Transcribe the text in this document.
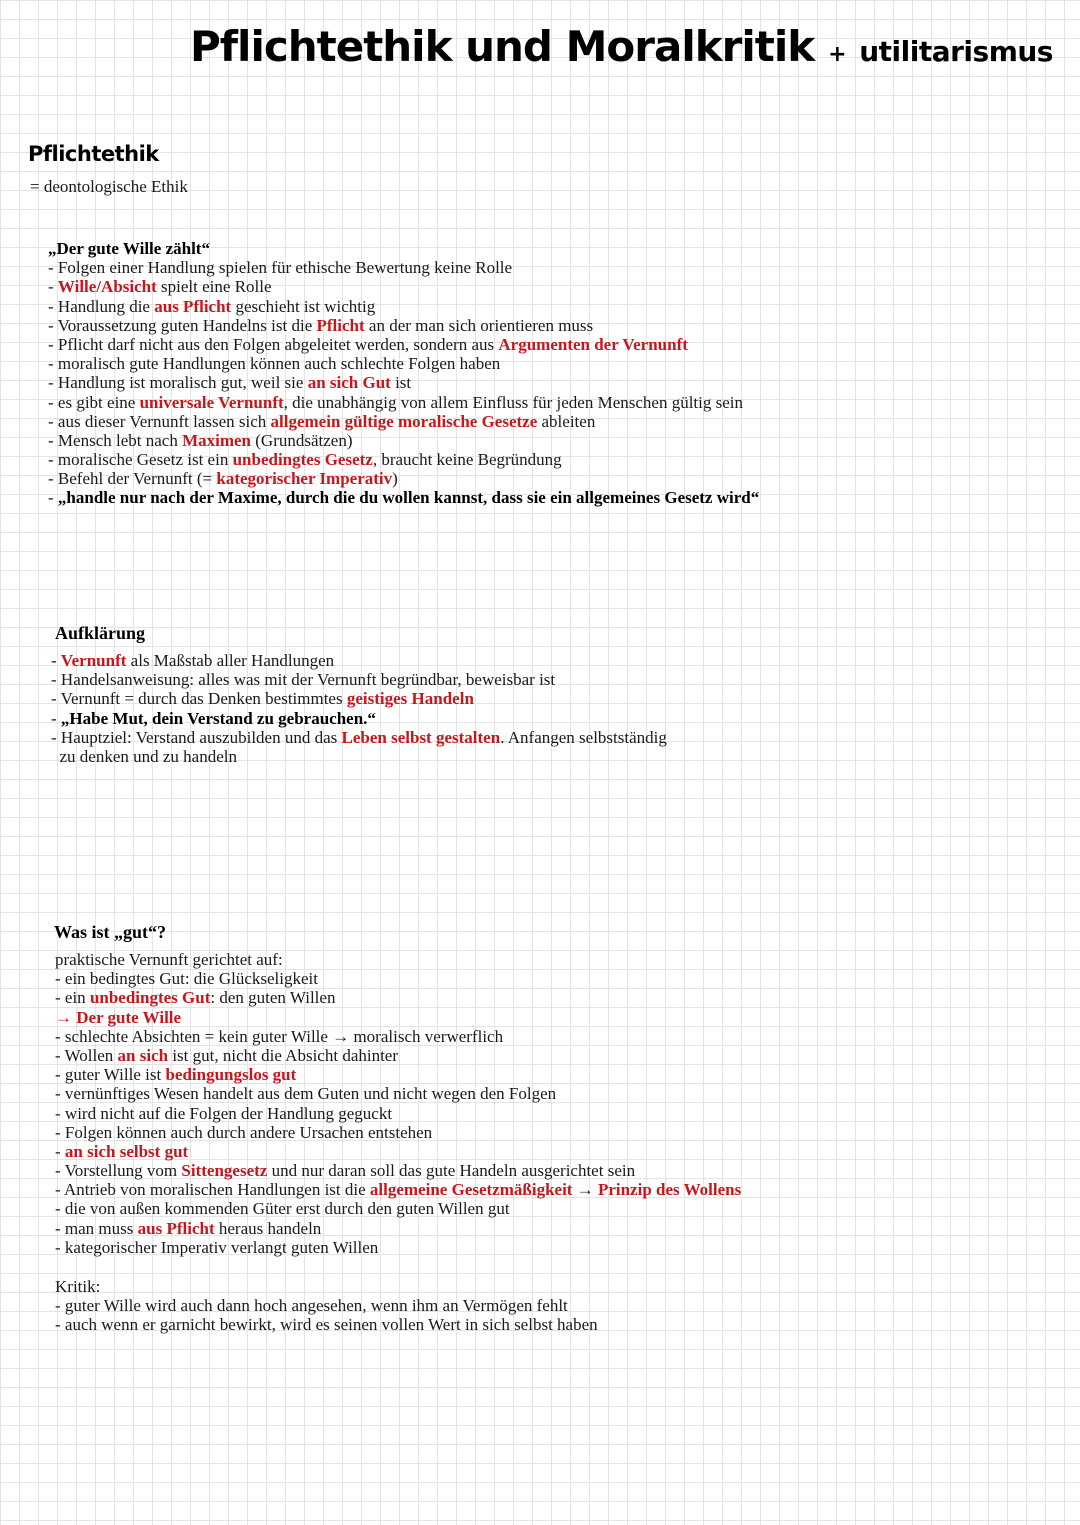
Pflichtethik und Moralkritik + utilitarismus
Pflichtethik
= deontologische Ethik
„Der gute Wille zählt“
- Folgen einer Handlung spielen für ethische Bewertung keine Rolle
- Wille/Absicht spielt eine Rolle
- Handlung die aus Pflicht geschieht ist wichtig
- Voraussetzung guten Handelns ist die Pflicht an der man sich orientieren muss
- Pflicht darf nicht aus den Folgen abgeleitet werden, sondern aus Argumenten der Vernunft
- moralisch gute Handlungen können auch schlechte Folgen haben
- Handlung ist moralisch gut, weil sie an sich Gut ist
- es gibt eine universale Vernunft, die unabhängig von allem Einfluss für jeden Menschen gültig sein
- aus dieser Vernunft lassen sich allgemein gültige moralische Gesetze ableiten
- Mensch lebt nach Maximen (Grundsätzen)
- moralische Gesetz ist ein unbedingtes Gesetz, braucht keine Begründung
- Befehl der Vernunft (= kategorischer Imperativ)
- „handle nur nach der Maxime, durch die du wollen kannst, dass sie ein allgemeines Gesetz wird“
Aufklärung
- Vernunft als Maßstab aller Handlungen
- Handelsanweisung: alles was mit der Vernunft begründbar, beweisbar ist
- Vernunft = durch das Denken bestimmtes geistiges Handeln
- „Habe Mut, dein Verstand zu gebrauchen.“
- Hauptziel: Verstand auszubilden und das Leben selbst gestalten. Anfangen selbstständig
zu denken und zu handeln
Was ist „gut“?
praktische Vernunft gerichtet auf:
- ein bedingtes Gut: die Glückseligkeit
- ein unbedingtes Gut: den guten Willen
→ Der gute Wille
- schlechte Absichten = kein guter Wille → moralisch verwerflich
- Wollen an sich ist gut, nicht die Absicht dahinter
- guter Wille ist bedingungslos gut
- vernünftiges Wesen handelt aus dem Guten und nicht wegen den Folgen
- wird nicht auf die Folgen der Handlung geguckt
- Folgen können auch durch andere Ursachen entstehen
- an sich selbst gut
- Vorstellung vom Sittengesetz und nur daran soll das gute Handeln ausgerichtet sein
- Antrieb von moralischen Handlungen ist die allgemeine Gesetzmäßigkeit → Prinzip des Wollens
- die von außen kommenden Güter erst durch den guten Willen gut
- man muss aus Pflicht heraus handeln
- kategorischer Imperativ verlangt guten Willen
Kritik:
- guter Wille wird auch dann hoch angesehen, wenn ihm an Vermögen fehlt
- auch wenn er garnicht bewirkt, wird es seinen vollen Wert in sich selbst haben
